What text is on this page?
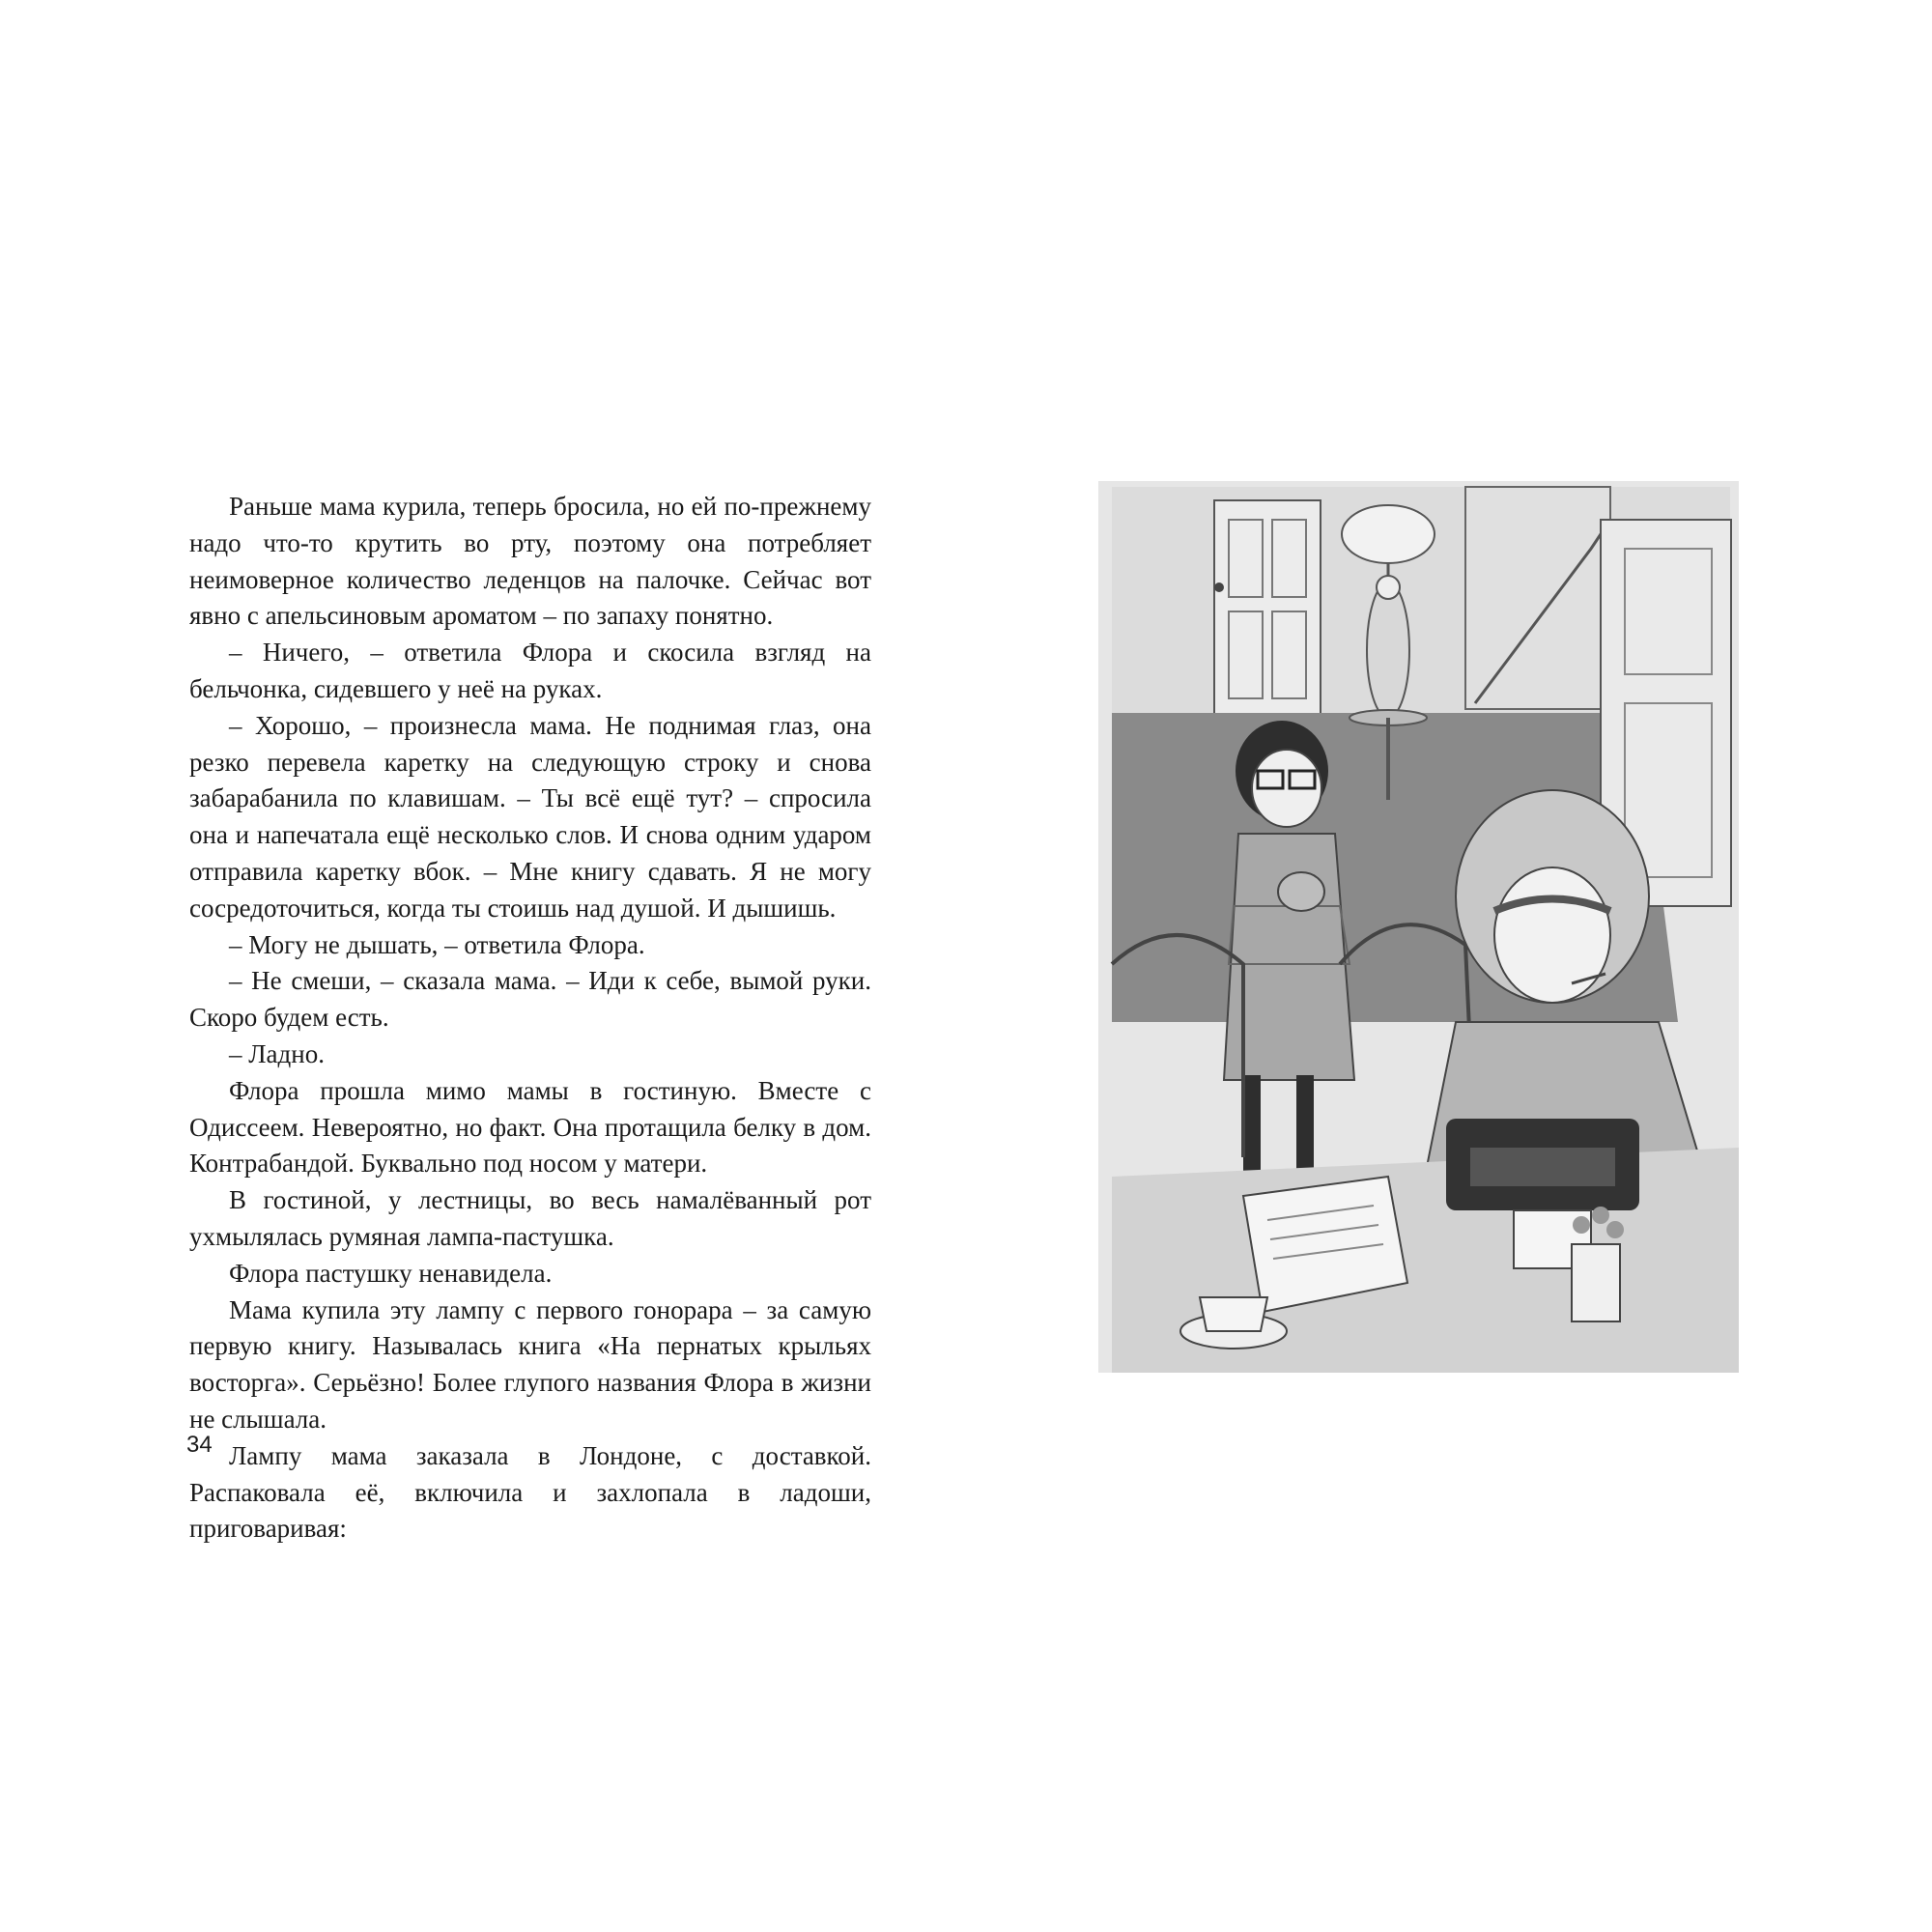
Раньше мама курила, теперь бросила, но ей по-прежнему надо что-то крутить во рту, поэтому она потребляет неимоверное количество леденцов на палочке. Сейчас вот явно с апельсиновым ароматом – по запаху понятно.

– Ничего, – ответила Флора и скосила взгляд на бельчонка, сидевшего у неё на руках.

– Хорошо, – произнесла мама. Не поднимая глаз, она резко перевела каретку на следующую строку и снова забарабанила по клавишам. – Ты всё ещё тут? – спросила она и напечатала ещё несколько слов. И снова одним ударом отправила каретку вбок. – Мне книгу сдавать. Я не могу сосредоточиться, когда ты стоишь над душой. И дышишь.

– Могу не дышать, – ответила Флора.

– Не смеши, – сказала мама. – Иди к себе, вымой руки. Скоро будем есть.

– Ладно.

Флора прошла мимо мамы в гостиную. Вместе с Одиссеем. Невероятно, но факт. Она протащила белку в дом. Контрабандой. Буквально под носом у матери.

В гостиной, у лестницы, во весь намалёванный рот ухмылялась румяная лампа-пастушка.

Флора пастушку ненавидела.

Мама купила эту лампу с первого гонорара – за самую первую книгу. Называлась книга «На пернатых крыльях восторга». Серьёзно! Более глупого названия Флора в жизни не слышала.

Лампу мама заказала в Лондоне, с доставкой. Распаковала её, включила и захлопала в ладоши, приговаривая:

34
